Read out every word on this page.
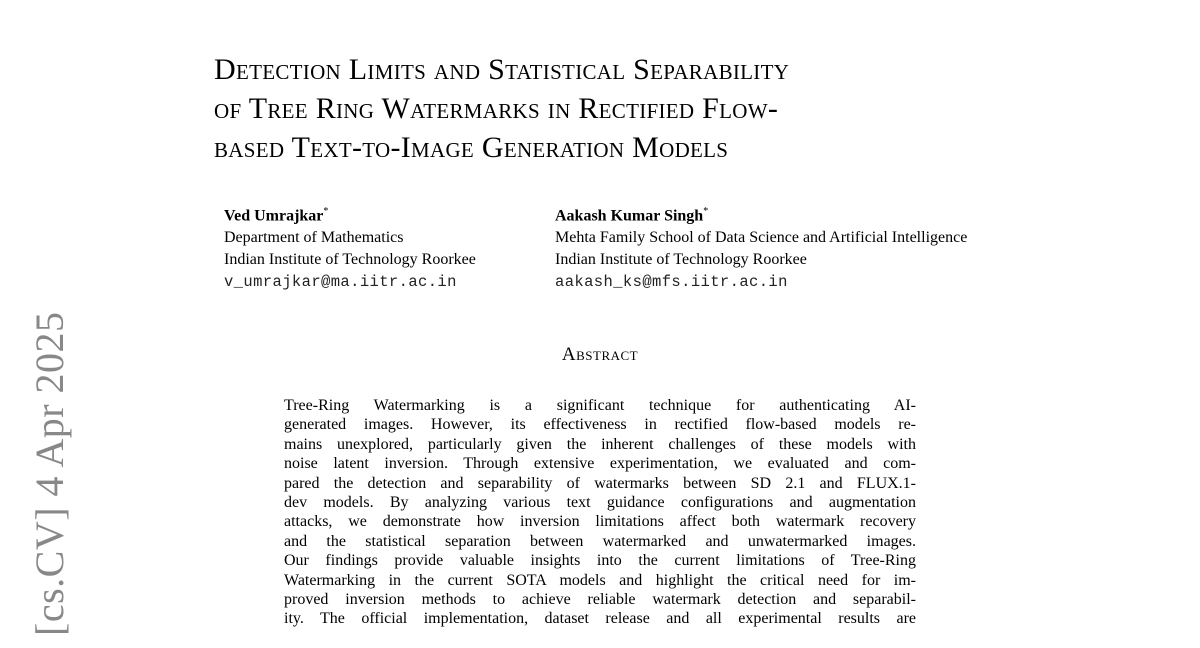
Detection Limits and Statistical Separability
of Tree Ring Watermarks in Rectified Flow-
based Text-to-Image Generation Models
Ved Umrajkar*
Department of Mathematics
Indian Institute of Technology Roorkee
v_umrajkar@ma.iitr.ac.in
Aakash Kumar Singh*
Mehta Family School of Data Science and Artificial Intelligence
Indian Institute of Technology Roorkee
aakash_ks@mfs.iitr.ac.in
[cs.CV] 4 Apr 2025	Abstract
Tree-Ring Watermarking is a significant technique for authenticating AI-
generated images. However, its effectiveness in rectified flow-based models re-
mains unexplored, particularly given the inherent challenges of these models with
noise latent inversion. Through extensive experimentation, we evaluated and com-
pared the detection and separability of watermarks between SD 2.1 and FLUX.1-
dev models. By analyzing various text guidance configurations and augmentation
attacks, we demonstrate how inversion limitations affect both watermark recovery
and the statistical separation between watermarked and unwatermarked images.
Our findings provide valuable insights into the current limitations of Tree-Ring
Watermarking in the current SOTA models and highlight the critical need for im-
proved inversion methods to achieve reliable watermark detection and separabil-
ity. The official implementation, dataset release and all experimental results are
